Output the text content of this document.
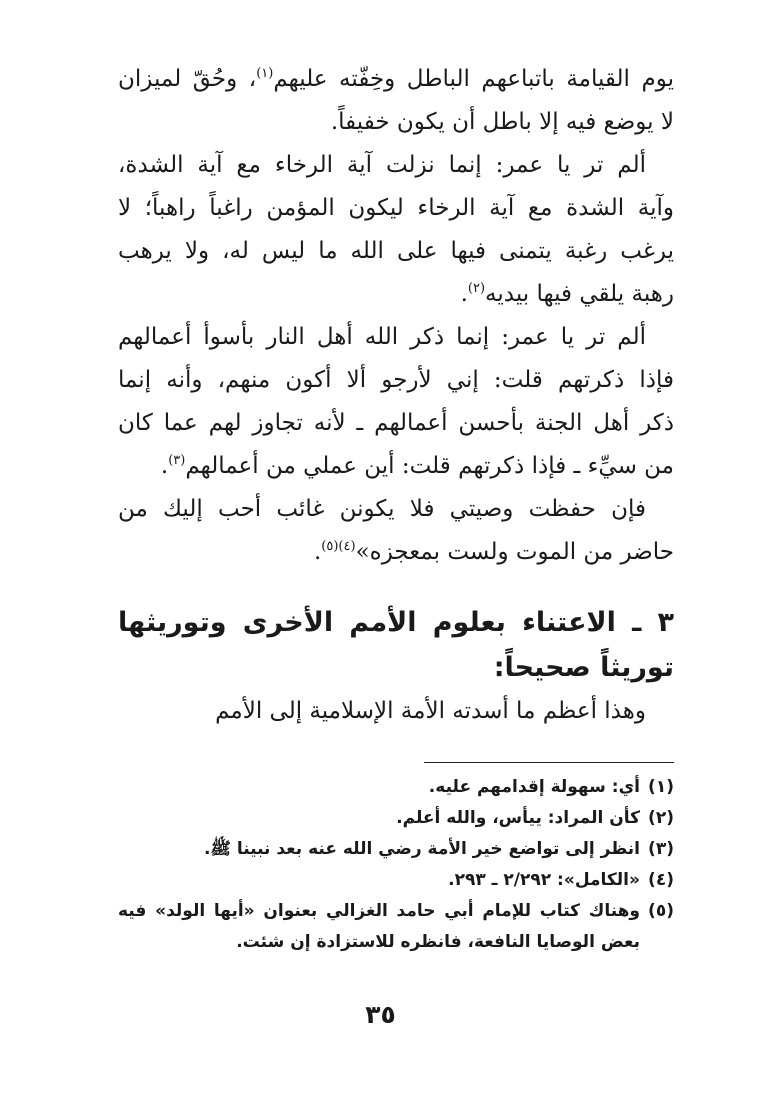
يوم القيامة باتباعهم الباطل وخِفّته عليهم$^{(١)}$، وحُقّ لميزان
لا يوضع فيه إلا باطل أن يكون خفيفاً.
ألم تر يا عمر: إنما نزلت آية الرخاء مع آية الشدة،
وآية الشدة مع آية الرخاء ليكون المؤمن راغباً راهباً؛ لا
يرغب رغبة يتمنى فيها على الله ما ليس له، ولا يرهب
رهبة يلقي فيها بيديه$^{(٢)}$.
ألم تر يا عمر: إنما ذكر الله أهل النار بأسوأ أعمالهم
فإذا ذكرتهم قلت: إني لأرجو ألا أكون منهم، وأنه إنما
ذكر أهل الجنة بأحسن أعمالهم ـ لأنه تجاوز لهم عما كان
من سيِّء ـ فإذا ذكرتهم قلت: أين عملي من أعمالهم$^{(٣)}$.
فإن حفظت وصيتي فلا يكونن غائب أحب إليك من
حاضر من الموت ولست بمعجزه»$^{(٤)(٥)}$.
٣ ـ الاعتناء بعلوم الأمم الأخرى وتوريثها
توريثاً صحيحاً:
وهذا أعظم ما أسدته الأمة الإسلامية إلى الأمم
(١)
أي: سهولة إقدامهم عليه.
(٢)
كأن المراد: ييأس، والله أعلم.
(٣)
انظر إلى تواضع خير الأمة رضي الله عنه بعد نبينا ﷺ.
(٤)
«الكامل»: ٢/٢٩٢ ـ ٢٩٣.
(٥)
وهناك كتاب للإمام أبي حامد الغزالي بعنوان «أيها الولد» فيه
بعض الوصايا النافعة، فانظره للاستزادة إن شئت.
٣٥
